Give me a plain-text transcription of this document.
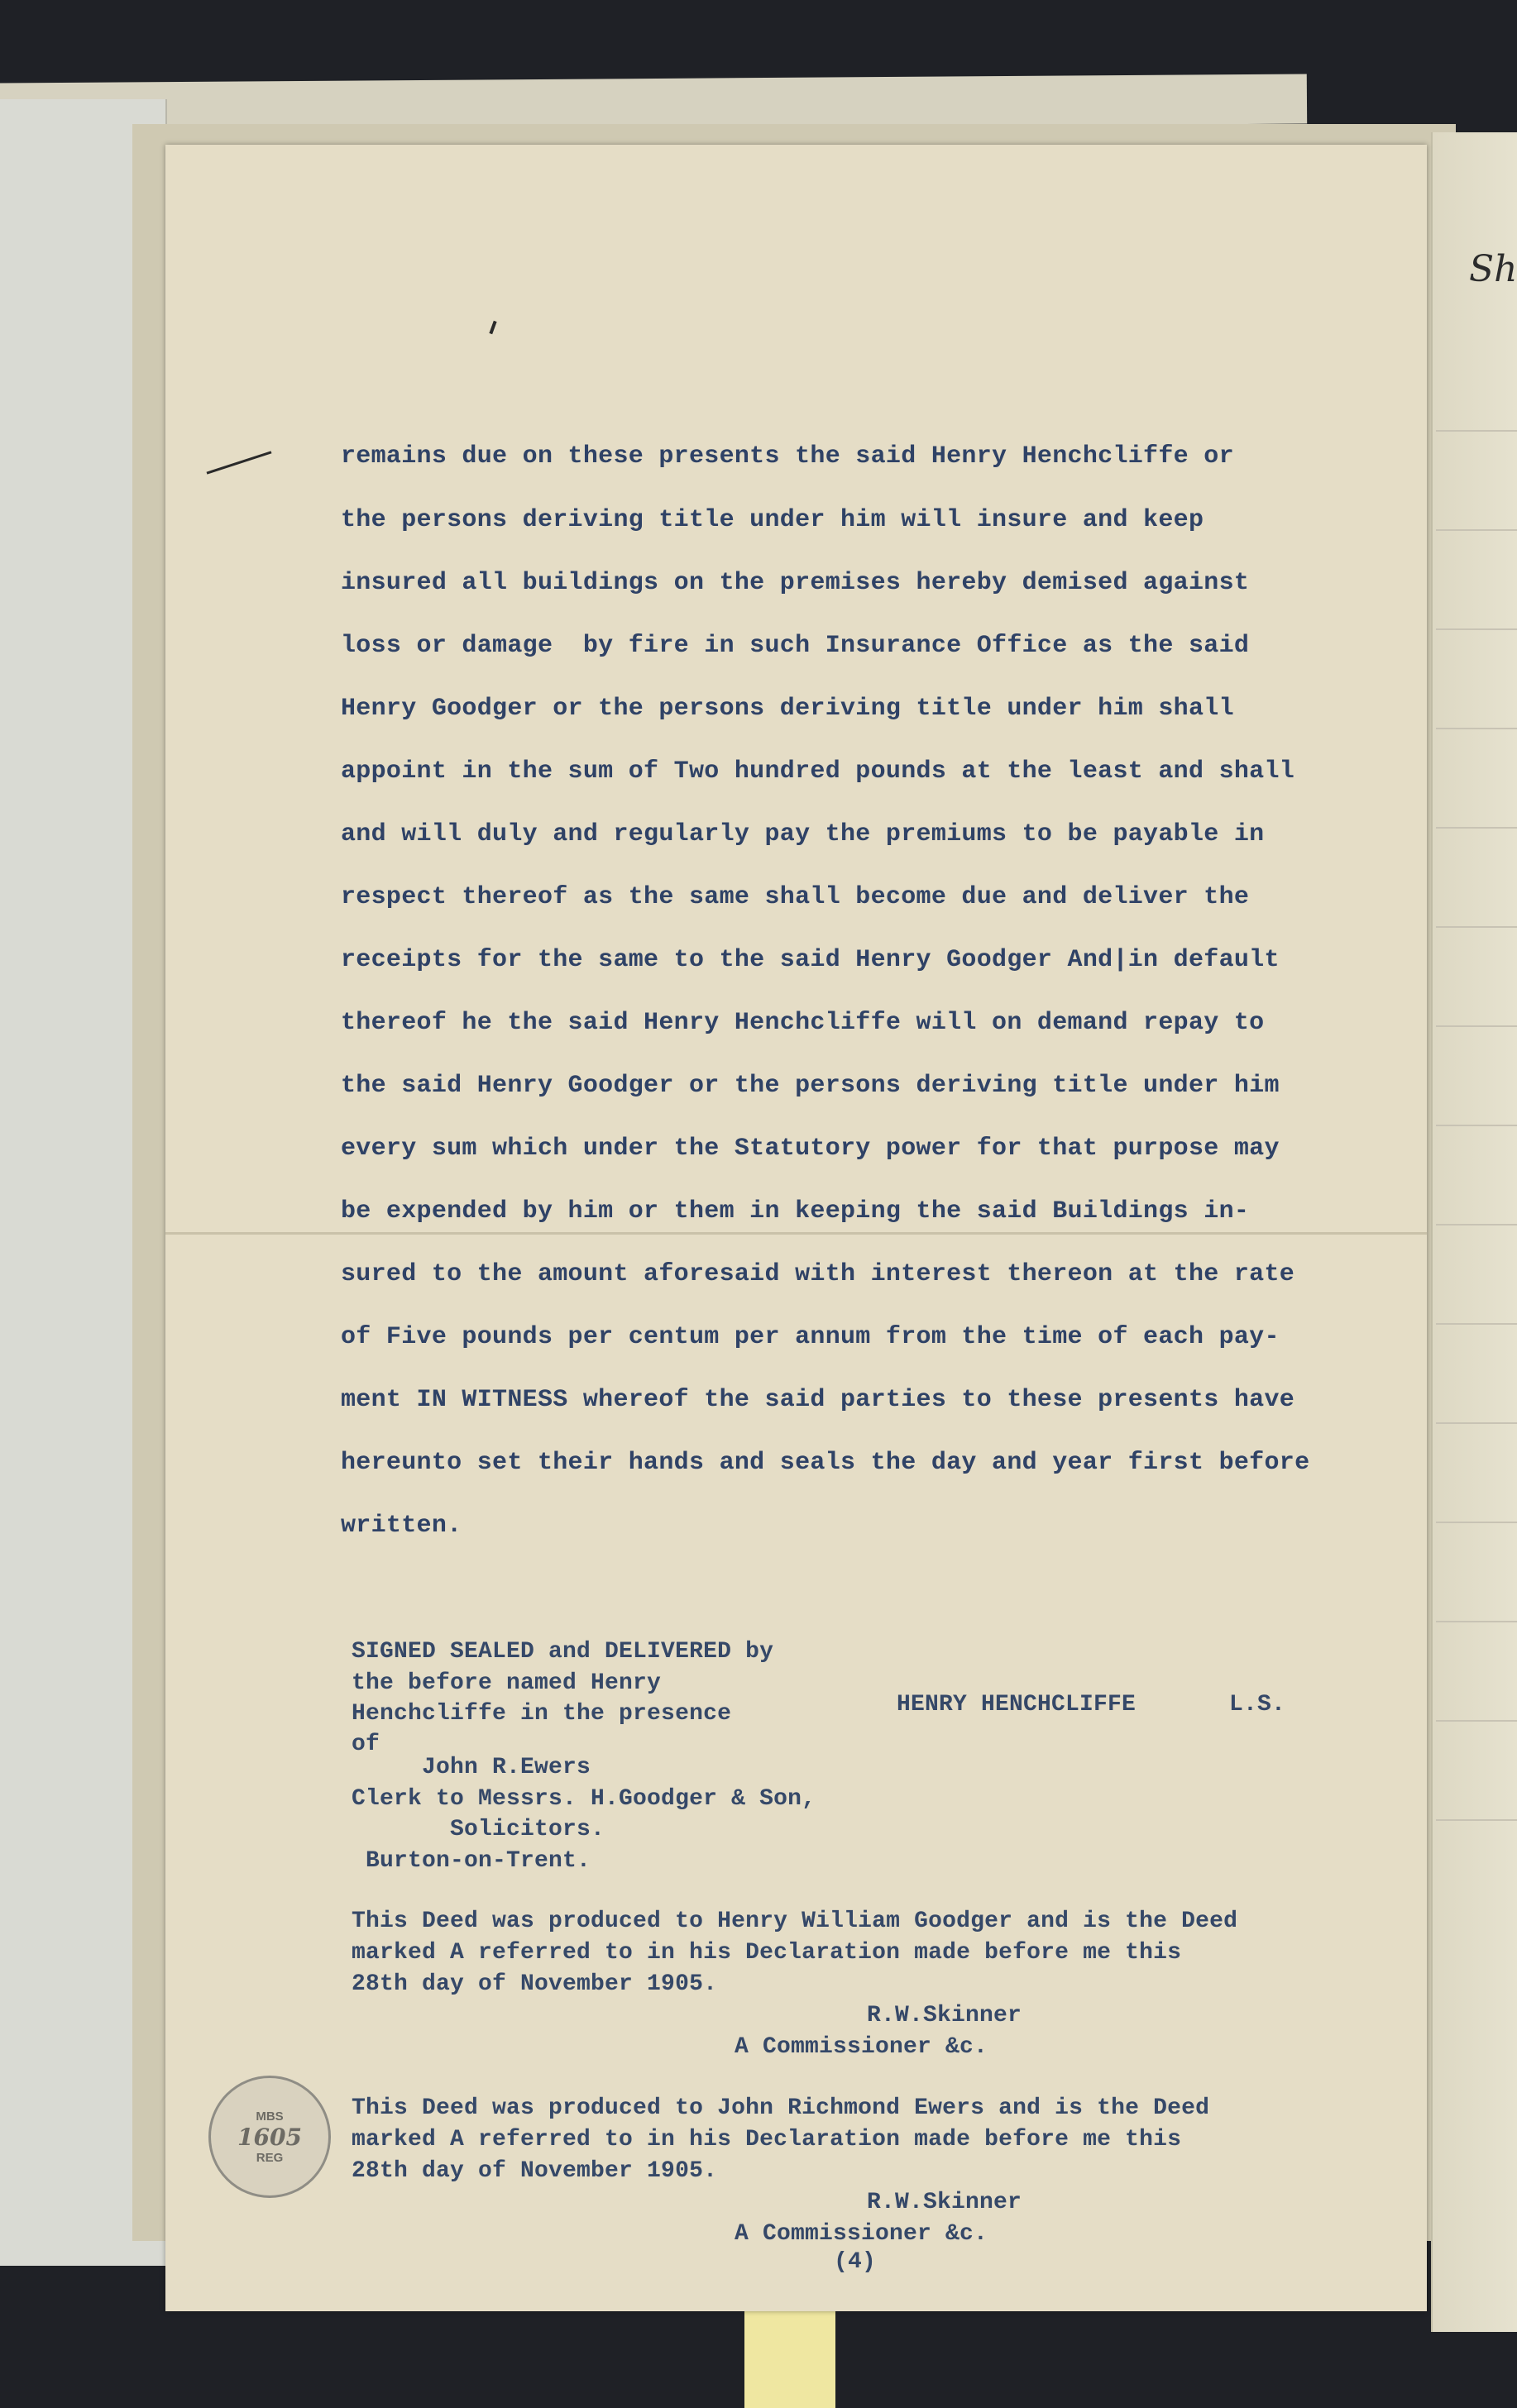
Sh
remains due on these presents the said Henry Henchcliffe or
the persons deriving title under him will insure and keep
insured all buildings on the premises hereby demised against
loss or damage  by fire in such Insurance Office as the said
Henry Goodger or the persons deriving title under him shall
appoint in the sum of Two hundred pounds at the least and shall
and will duly and regularly pay the premiums to be payable in
respect thereof as the same shall become due and deliver the
receipts for the same to the said Henry Goodger And|in default
thereof he the said Henry Henchcliffe will on demand repay to
the said Henry Goodger or the persons deriving title under him
every sum which under the Statutory power for that purpose may
be expended by him or them in keeping the said Buildings in-
sured to the amount aforesaid with interest thereon at the rate
of Five pounds per centum per annum from the time of each pay-
ment IN WITNESS whereof the said parties to these presents have
hereunto set their hands and seals the day and year first before
written.
SIGNED SEALED and DELIVERED by
the before named Henry
Henchcliffe in the presence
of
John R.Ewers
Clerk to Messrs. H.Goodger & Son,
Solicitors.
Burton-on-Trent.
HENRY HENCHCLIFFE	L.S.
This Deed was produced to Henry William Goodger and is the Deed
marked A referred to in his Declaration made before me this
28th day of November 1905.
R.W.Skinner
A Commissioner &c.
This Deed was produced to John Richmond Ewers and is the Deed
marked A referred to in his Declaration made before me this
28th day of November 1905.
R.W.Skinner
A Commissioner &c.
(4)
MBS
1605
REG
